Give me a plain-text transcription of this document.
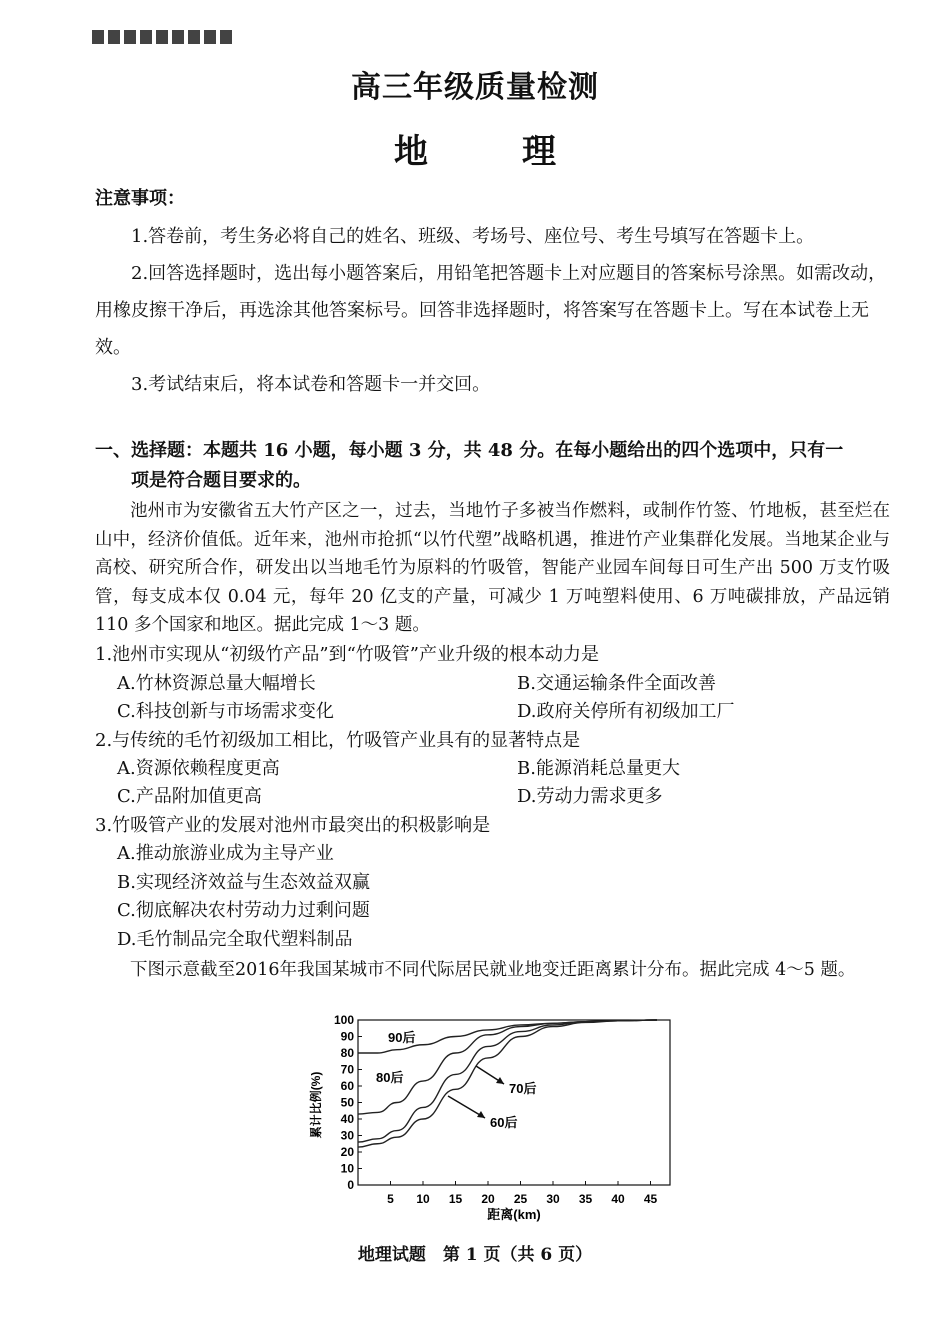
高三年级质量检测
地　理
注意事项：

1.答卷前，考生务必将自己的姓名、班级、考场号、座位号、考生号填写在答题卡上。

2.回答选择题时，选出每小题答案后，用铅笔把答题卡上对应题目的答案标号涂黑。如需改动，用橡皮擦干净后，再选涂其他答案标号。回答非选择题时，将答案写在答题卡上。写在本试卷上无效。

3.考试结束后，将本试卷和答题卡一并交回。

一、选择题：本题共 16 小题，每小题 3 分，共 48 分。在每小题给出的四个选项中，只有一
项是符合题目要求的。

池州市为安徽省五大竹产区之一，过去，当地竹子多被当作燃料，或制作竹签、竹地板，甚至烂在山中，经济价值低。近年来，池州市抢抓“以竹代塑”战略机遇，推进竹产业集群化发展。当地某企业与高校、研究所合作，研发出以当地毛竹为原料的竹吸管，智能产业园车间每日可生产出 500 万支竹吸管，每支成本仅 0.04 元，每年 20 亿支的产量，可减少 1 万吨塑料使用、6 万吨碳排放，产品远销 110 多个国家和地区。据此完成 1～3 题。

1.池州市实现从“初级竹产品”到“竹吸管”产业升级的根本动力是
A.竹林资源总量大幅增长	B.交通运输条件全面改善
C.科技创新与市场需求变化	D.政府关停所有初级加工厂
2.与传统的毛竹初级加工相比，竹吸管产业具有的显著特点是
A.资源依赖程度更高	B.能源消耗总量更大
C.产品附加值更高	D.劳动力需求更多
3.竹吸管产业的发展对池州市最突出的积极影响是
A.推动旅游业成为主导产业
B.实现经济效益与生态效益双赢
C.彻底解决农村劳动力过剩问题
D.毛竹制品完全取代塑料制品

下图示意截至2016年我国某城市不同代际居民就业地变迁距离累计分布。据此完成 4～5 题。

0
10
20
30
40
50
60
70
80
90
100
5 10 15 20 25 30 35 40 45
90后
80后
70后
60后
累计比例(%)
距离(km)
地理试题　第 1 页（共 6 页）
